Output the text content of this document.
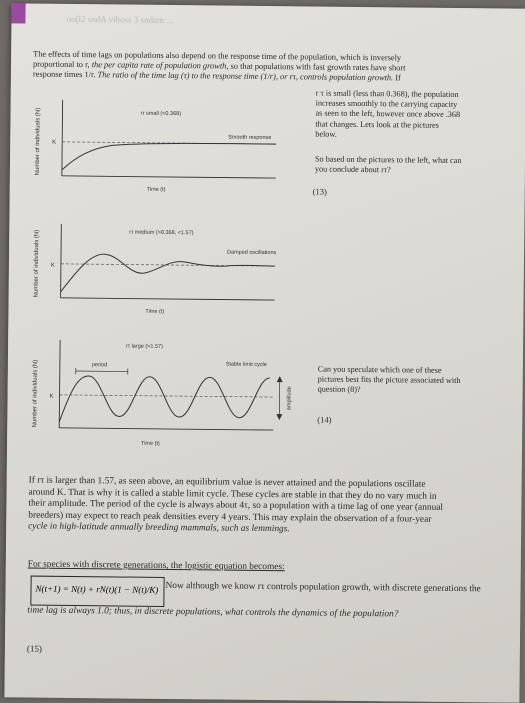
oo(l2 sndA viboss 3 sndam ...
The effects of time lags on populations also depend on the response time of the population, which is inversely
proportional to r, the per capita rate of population growth, so that populations with fast growth rates have short
response times 1/r. The ratio of the time lag (τ) to the response time (1/r), or rτ, controls population growth. If
r τ is small (less than 0.368), the population
increases smoothly to the carrying capacity
as seen to the left, however once above .368
that changes. Lets look at the pictures
below.
So based on the pictures to the left, what can
you conclude about rτ?
(13)
Can you speculate which one of these
pictures best fits the picture associated with
question (8)?
(14)
Number of individuals (N)	rτ small (<0.368)
Smooth response
K
Time (t)
Number of individuals (N)	rτ medium (>0.368, <1.57)
Damped oscillations
K
Time (t)
Number of individuals (N)
rτ large (>1.57)
Stable limit cycle
period
K	amplitude
Time (t)
If rτ is larger than 1.57, as seen above, an equilibrium value is never attained and the populations oscillate
around K. That is why it is called a stable limit cycle. These cycles are stable in that they do no vary much in
their amplitude. The period of the cycle is always about 4τ, so a population with a time lag of one year (annual
breeders) may expect to reach peak densities every 4 years. This may explain the observation of a four-year
cycle in high-latitude annually breeding mammals, such as lemmings.
For species with discrete generations, the logistic equation becomes:
N(t+1) = N(t) + rN(t)(1 − N(t)/K) Now although we know rτ controls population growth, with discrete generations the
time lag is always 1.0; thus, in discrete populations, what controls the dynamics of the population?
(15)
